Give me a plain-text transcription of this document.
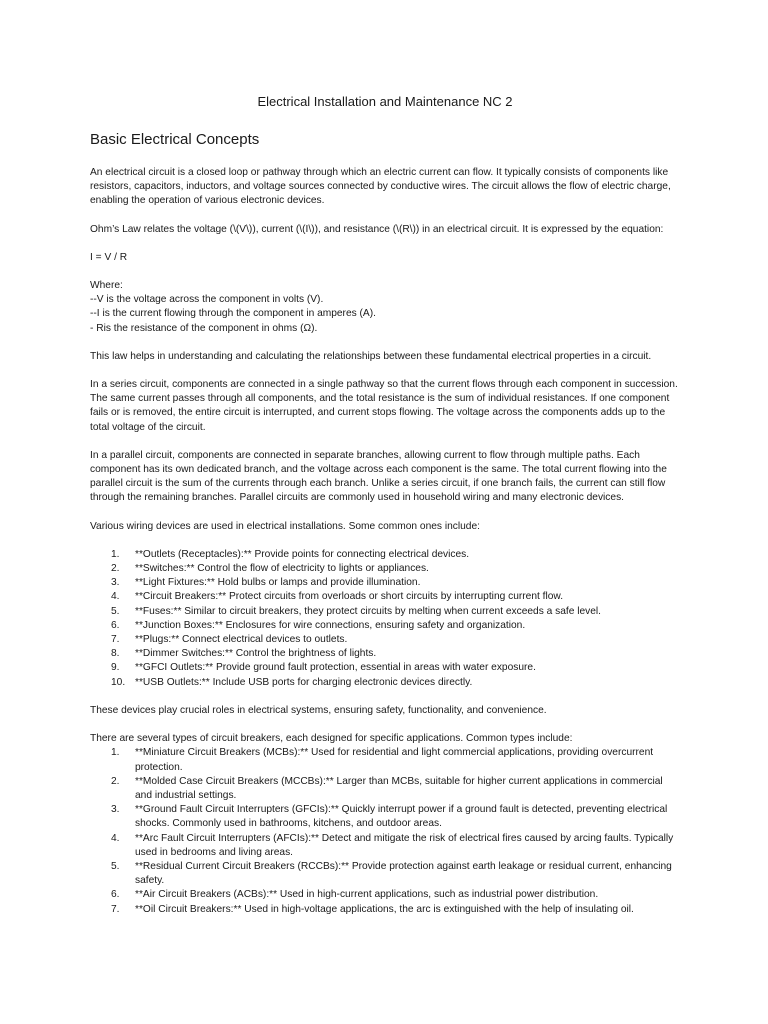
Electrical Installation and Maintenance NC 2
Basic Electrical Concepts

An electrical circuit is a closed loop or pathway through which an electric current can flow. It typically consists of components like resistors, capacitors, inductors, and voltage sources connected by conductive wires. The circuit allows the flow of electric charge, enabling the operation of various electronic devices.

Ohm’s Law relates the voltage (\(V\)), current (\(I\)), and resistance (\(R\)) in an electrical circuit. It is expressed by the equation:

I = V / R

Where:
--V is the voltage across the component in volts (V).
--I is the current flowing through the component in amperes (A).
- Ris the resistance of the component in ohms (Ω).

This law helps in understanding and calculating the relationships between these fundamental electrical properties in a circuit.

In a series circuit, components are connected in a single pathway so that the current flows through each component in succession. The same current passes through all components, and the total resistance is the sum of individual resistances. If one component fails or is removed, the entire circuit is interrupted, and current stops flowing. The voltage across the components adds up to the total voltage of the circuit.

In a parallel circuit, components are connected in separate branches, allowing current to flow through multiple paths. Each component has its own dedicated branch, and the voltage across each component is the same. The total current flowing into the parallel circuit is the sum of the currents through each branch. Unlike a series circuit, if one branch fails, the current can still flow through the remaining branches. Parallel circuits are commonly used in household wiring and many electronic devices.

Various wiring devices are used in electrical installations. Some common ones include:

1.	**Outlets (Receptacles):** Provide points for connecting electrical devices.
2.	**Switches:** Control the flow of electricity to lights or appliances.
3.	**Light Fixtures:** Hold bulbs or lamps and provide illumination.
4.	**Circuit Breakers:** Protect circuits from overloads or short circuits by interrupting current flow.
5.	**Fuses:** Similar to circuit breakers, they protect circuits by melting when current exceeds a safe level.
6.	**Junction Boxes:** Enclosures for wire connections, ensuring safety and organization.
7.	**Plugs:** Connect electrical devices to outlets.
8.	**Dimmer Switches:** Control the brightness of lights.
9.	**GFCI Outlets:** Provide ground fault protection, essential in areas with water exposure.
10. **USB Outlets:** Include USB ports for charging electronic devices directly.

These devices play crucial roles in electrical systems, ensuring safety, functionality, and convenience.

There are several types of circuit breakers, each designed for specific applications. Common types include:

1.	**Miniature Circuit Breakers (MCBs):** Used for residential and light commercial applications, providing overcurrent protection.
2.	**Molded Case Circuit Breakers (MCCBs):** Larger than MCBs, suitable for higher current applications in commercial and industrial settings.
3.	**Ground Fault Circuit Interrupters (GFCIs):** Quickly interrupt power if a ground fault is detected, preventing electrical shocks. Commonly used in bathrooms, kitchens, and outdoor areas.
4.	**Arc Fault Circuit Interrupters (AFCIs):** Detect and mitigate the risk of electrical fires caused by arcing faults. Typically used in bedrooms and living areas.
5.	**Residual Current Circuit Breakers (RCCBs):** Provide protection against earth leakage or residual current, enhancing safety.
6.	**Air Circuit Breakers (ACBs):** Used in high-current applications, such as industrial power distribution.
7.	**Oil Circuit Breakers:** Used in high-voltage applications, the arc is extinguished with the help of insulating oil.
